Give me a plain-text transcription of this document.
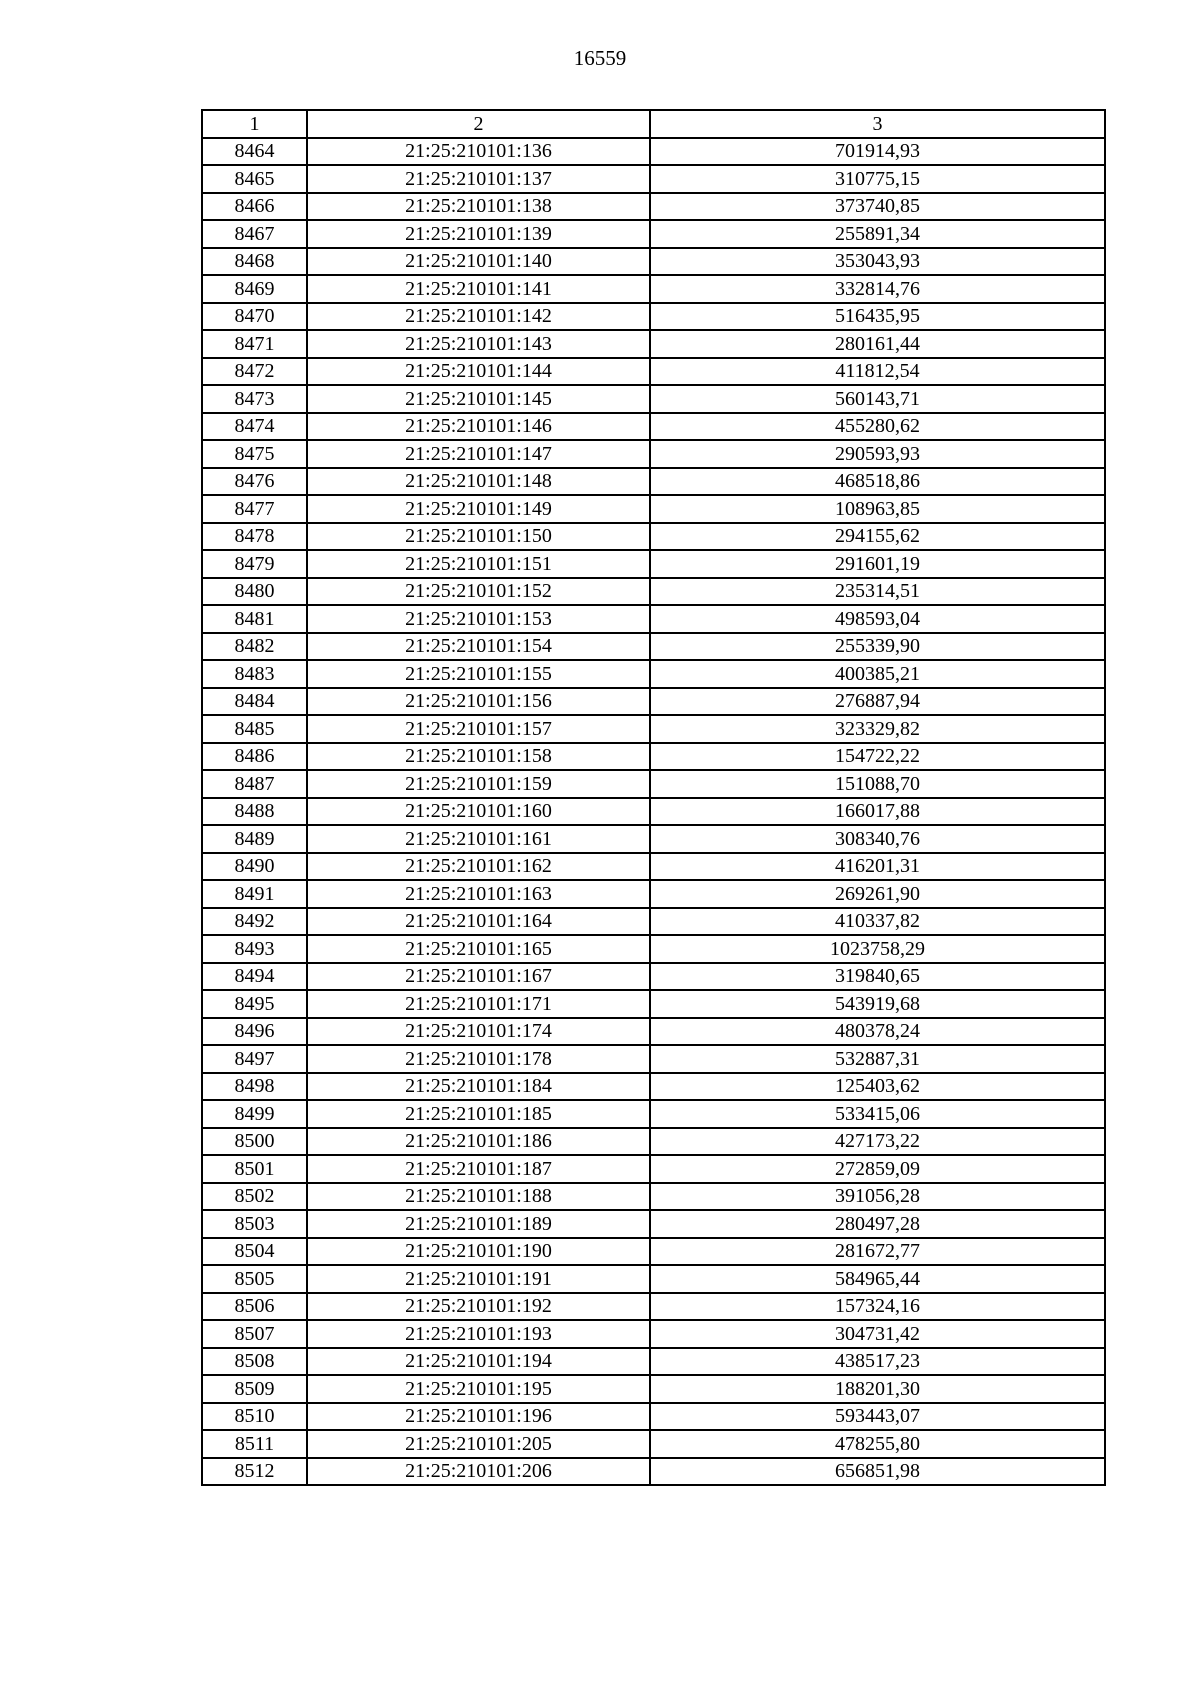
16559
1	2	3
8464	21:25:210101:136	701914,93
8465	21:25:210101:137	310775,15
8466	21:25:210101:138	373740,85
8467	21:25:210101:139	255891,34
8468	21:25:210101:140	353043,93
8469	21:25:210101:141	332814,76
8470	21:25:210101:142	516435,95
8471	21:25:210101:143	280161,44
8472	21:25:210101:144	411812,54
8473	21:25:210101:145	560143,71
8474	21:25:210101:146	455280,62
8475	21:25:210101:147	290593,93
8476	21:25:210101:148	468518,86
8477	21:25:210101:149	108963,85
8478	21:25:210101:150	294155,62
8479	21:25:210101:151	291601,19
8480	21:25:210101:152	235314,51
8481	21:25:210101:153	498593,04
8482	21:25:210101:154	255339,90
8483	21:25:210101:155	400385,21
8484	21:25:210101:156	276887,94
8485	21:25:210101:157	323329,82
8486	21:25:210101:158	154722,22
8487	21:25:210101:159	151088,70
8488	21:25:210101:160	166017,88
8489	21:25:210101:161	308340,76
8490	21:25:210101:162	416201,31
8491	21:25:210101:163	269261,90
8492	21:25:210101:164	410337,82
8493	21:25:210101:165	1023758,29
8494	21:25:210101:167	319840,65
8495	21:25:210101:171	543919,68
8496	21:25:210101:174	480378,24
8497	21:25:210101:178	532887,31
8498	21:25:210101:184	125403,62
8499	21:25:210101:185	533415,06
8500	21:25:210101:186	427173,22
8501	21:25:210101:187	272859,09
8502	21:25:210101:188	391056,28
8503	21:25:210101:189	280497,28
8504	21:25:210101:190	281672,77
8505	21:25:210101:191	584965,44
8506	21:25:210101:192	157324,16
8507	21:25:210101:193	304731,42
8508	21:25:210101:194	438517,23
8509	21:25:210101:195	188201,30
8510	21:25:210101:196	593443,07
8511	21:25:210101:205	478255,80
8512	21:25:210101:206	656851,98
